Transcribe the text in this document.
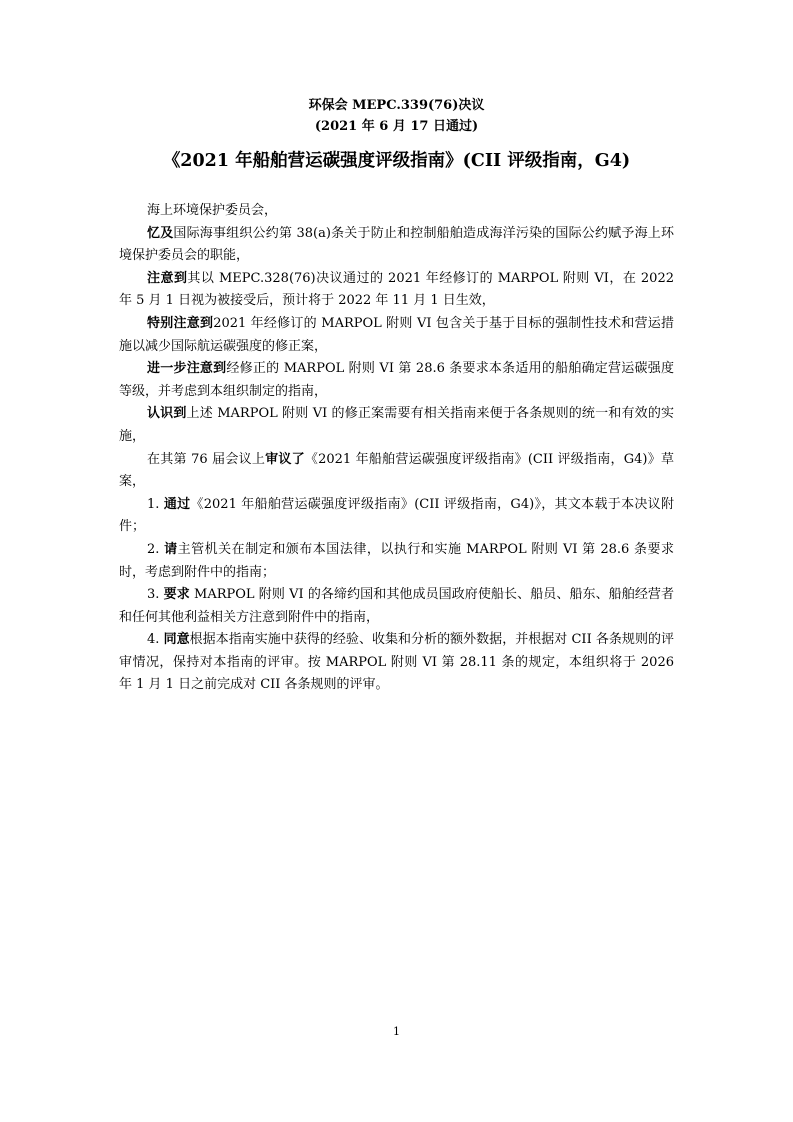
环保会 MEPC.339(76)决议

(2021 年 6 月 17 日通过)

《2021 年船舶营运碳强度评级指南》(CII 评级指南，G4)

海上环境保护委员会，

忆及国际海事组织公约第 38(a)条关于防止和控制船舶造成海洋污染的国际公约赋予海上环境保护委员会的职能，

注意到其以 MEPC.328(76)决议通过的 2021 年经修订的 MARPOL 附则 VI，在 2022 年 5 月 1 日视为被接受后，预计将于 2022 年 11 月 1 日生效，

特别注意到2021 年经修订的 MARPOL 附则 VI 包含关于基于目标的强制性技术和营运措施以减少国际航运碳强度的修正案，

进一步注意到经修正的 MARPOL 附则 VI 第 28.6 条要求本条适用的船舶确定营运碳强度等级，并考虑到本组织制定的指南，

认识到上述 MARPOL 附则 VI 的修正案需要有相关指南来便于各条规则的统一和有效的实施，

在其第 76 届会议上审议了《2021 年船舶营运碳强度评级指南》(CII 评级指南，G4)》草案，

1. 通过《2021 年船舶营运碳强度评级指南》(CII 评级指南，G4)》，其文本载于本决议附件；

2. 请主管机关在制定和颁布本国法律，以执行和实施 MARPOL 附则 VI 第 28.6 条要求时，考虑到附件中的指南；

3. 要求 MARPOL 附则 VI 的各缔约国和其他成员国政府使船长、船员、船东、船舶经营者和任何其他利益相关方注意到附件中的指南，

4. 同意根据本指南实施中获得的经验、收集和分析的额外数据，并根据对 CII 各条规则的评审情况，保持对本指南的评审。按 MARPOL 附则 VI 第 28.11 条的规定，本组织将于 2026 年 1 月 1 日之前完成对 CII 各条规则的评审。

1
